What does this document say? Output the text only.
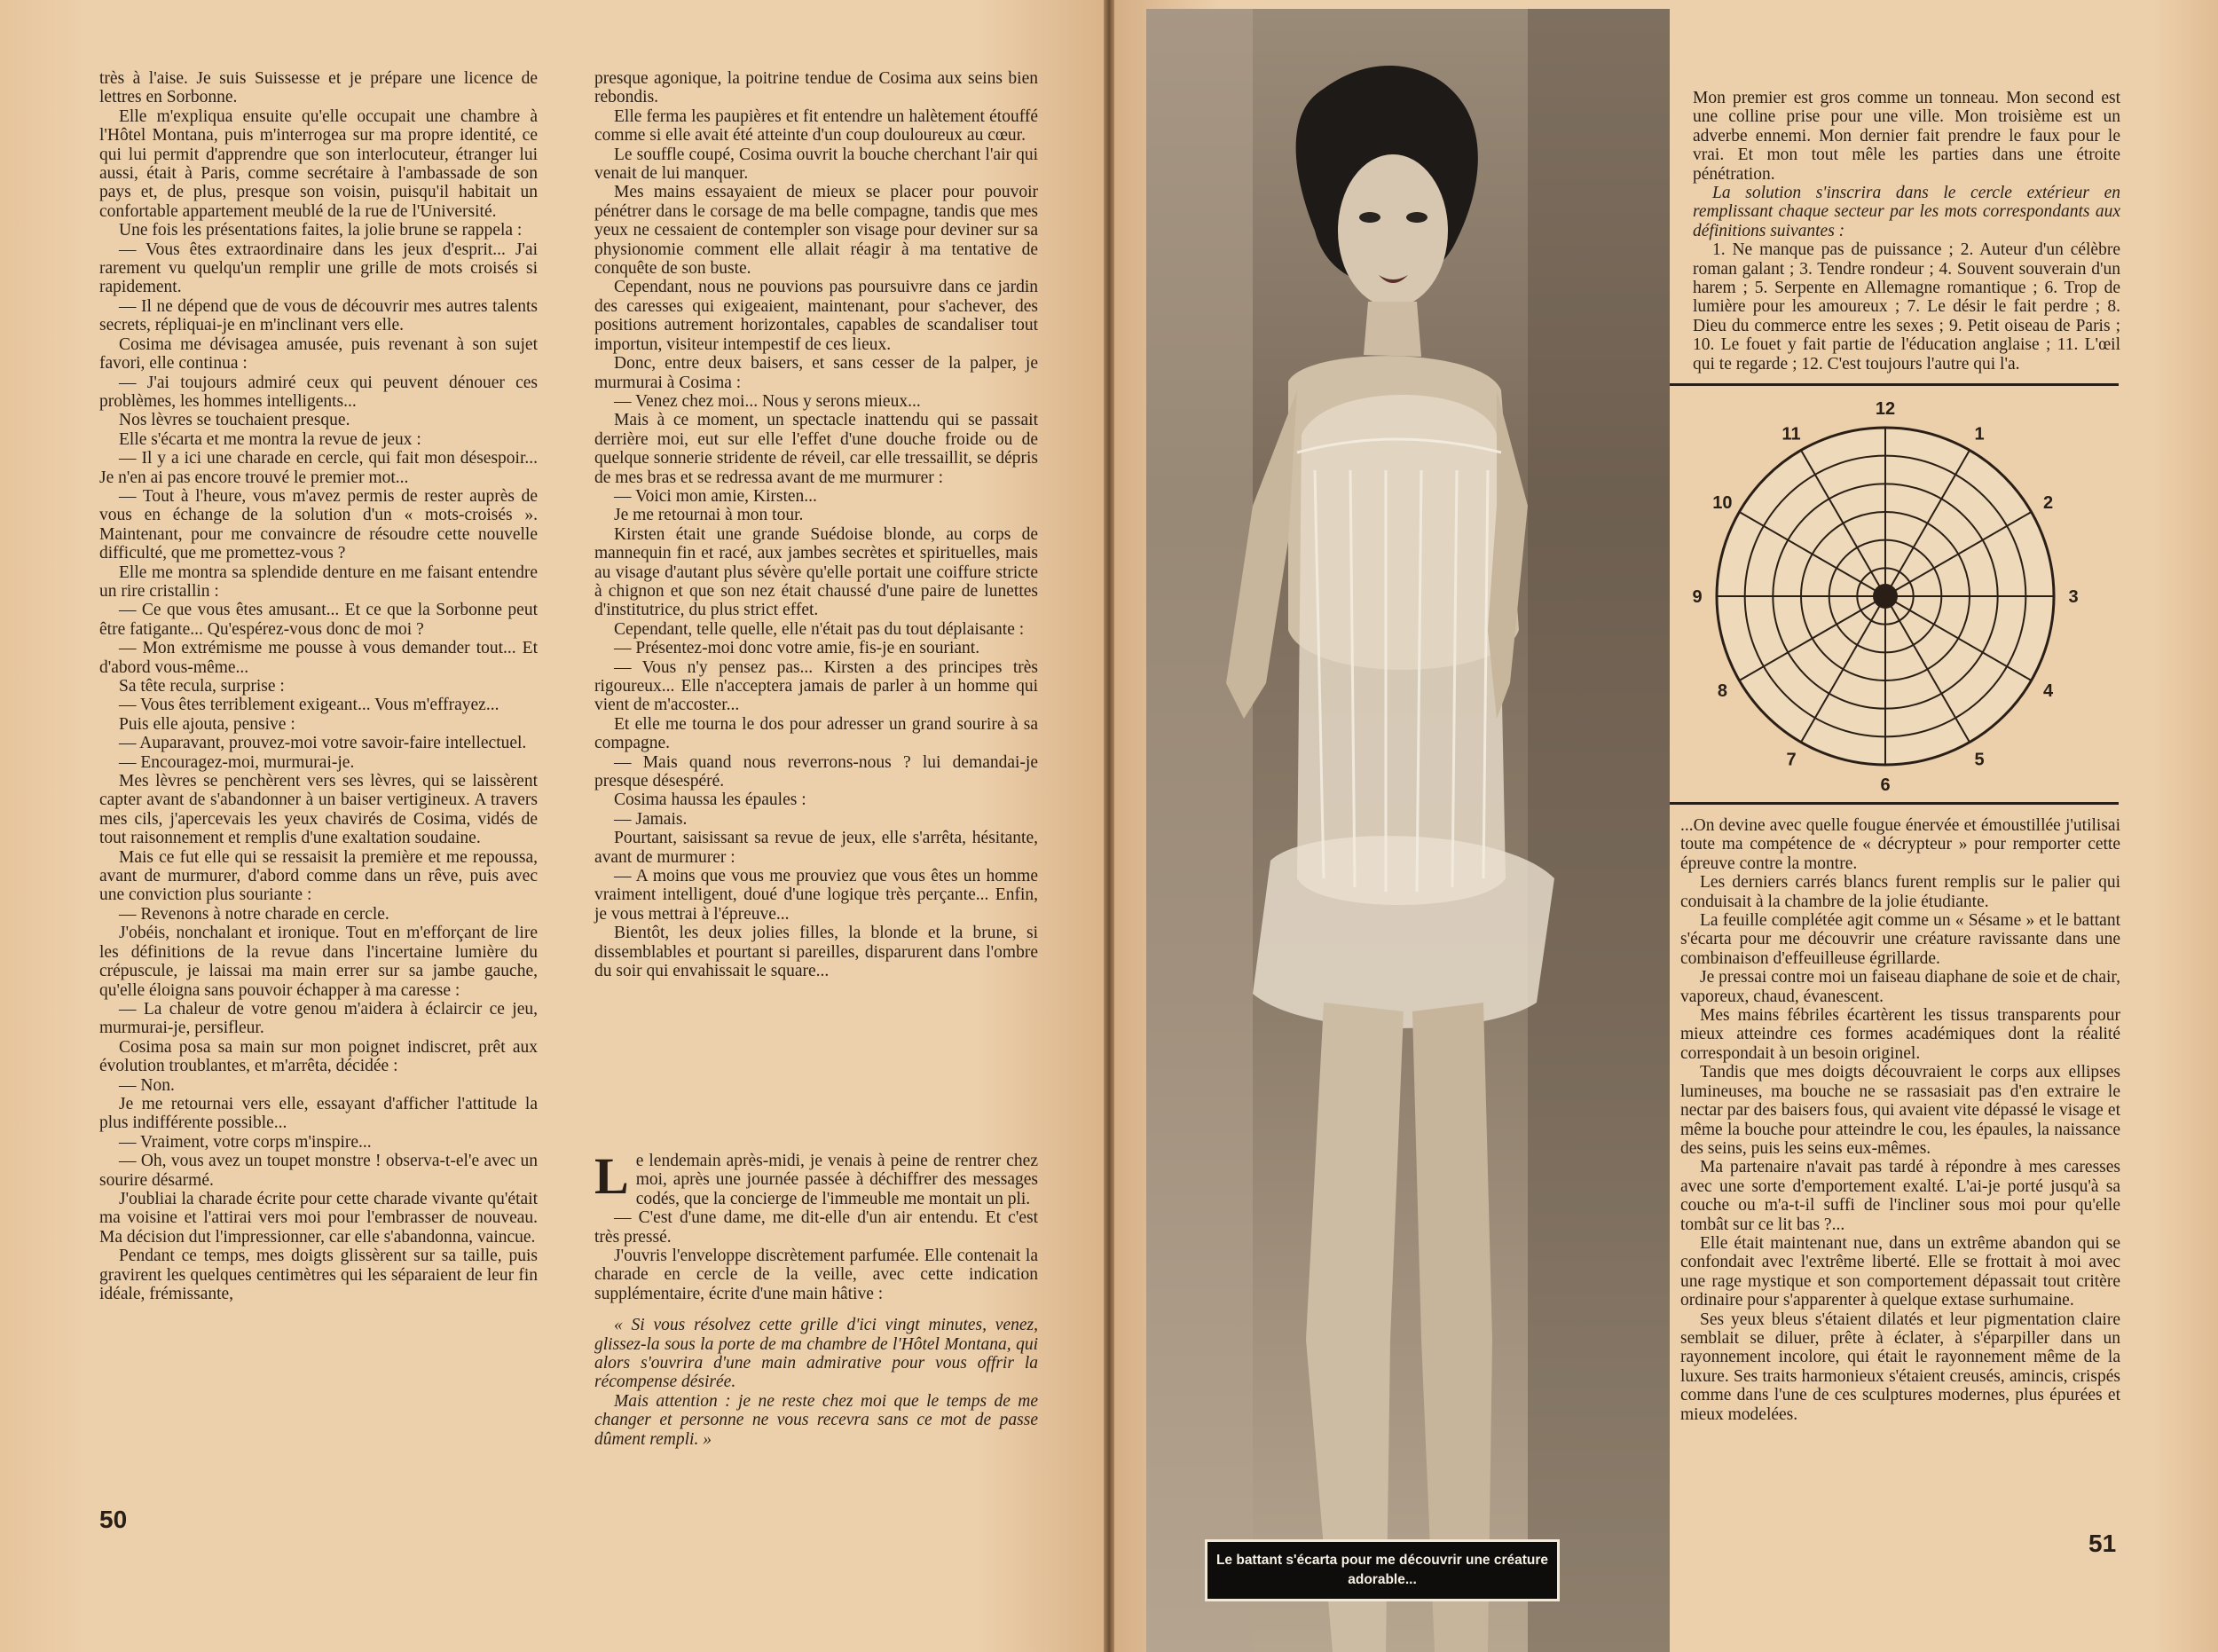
très à l'aise. Je suis Suissesse et je prépare une licence de lettres en Sorbonne.

Elle m'expliqua ensuite qu'elle occupait une chambre à l'Hôtel Montana, puis m'interrogea sur ma propre identité, ce qui lui permit d'apprendre que son interlocuteur, étranger lui aussi, était à Paris, comme secrétaire à l'ambassade de son pays et, de plus, presque son voisin, puisqu'il habitait un confortable appartement meublé de la rue de l'Université.

Une fois les présentations faites, la jolie brune se rappela :

— Vous êtes extraordinaire dans les jeux d'esprit... J'ai rarement vu quelqu'un remplir une grille de mots croisés si rapidement.

— Il ne dépend que de vous de découvrir mes autres talents secrets, répliquai-je en m'inclinant vers elle.

Cosima me dévisagea amusée, puis revenant à son sujet favori, elle continua :

— J'ai toujours admiré ceux qui peuvent dénouer ces problèmes, les hommes intelligents...

Nos lèvres se touchaient presque.

Elle s'écarta et me montra la revue de jeux :

— Il y a ici une charade en cercle, qui fait mon désespoir... Je n'en ai pas encore trouvé le premier mot...

— Tout à l'heure, vous m'avez permis de rester auprès de vous en échange de la solution d'un « mots-croisés ». Maintenant, pour me convaincre de résoudre cette nouvelle difficulté, que me promettez-vous ?

Elle me montra sa splendide denture en me faisant entendre un rire cristallin :

— Ce que vous êtes amusant... Et ce que la Sorbonne peut être fatigante... Qu'espérez-vous donc de moi ?

— Mon extrémisme me pousse à vous demander tout... Et d'abord vous-même...

Sa tête recula, surprise :

— Vous êtes terriblement exigeant... Vous m'effrayez...

Puis elle ajouta, pensive :

— Auparavant, prouvez-moi votre savoir-faire intellectuel.

— Encouragez-moi, murmurai-je.

Mes lèvres se penchèrent vers ses lèvres, qui se laissèrent capter avant de s'abandonner à un baiser vertigineux. A travers mes cils, j'apercevais les yeux chavirés de Cosima, vidés de tout raisonnement et remplis d'une exaltation soudaine.

Mais ce fut elle qui se ressaisit la première et me repoussa, avant de murmurer, d'abord comme dans un rêve, puis avec une conviction plus souriante :

— Revenons à notre charade en cercle.

J'obéis, nonchalant et ironique. Tout en m'efforçant de lire les définitions de la revue dans l'incertaine lumière du crépuscule, je laissai ma main errer sur sa jambe gauche, qu'elle éloigna sans pouvoir échapper à ma caresse :

— La chaleur de votre genou m'aidera à éclaircir ce jeu, murmurai-je, persifleur.

Cosima posa sa main sur mon poignet indiscret, prêt aux évolution troublantes, et m'arrêta, décidée :

— Non.

Je me retournai vers elle, essayant d'afficher l'attitude la plus indifférente possible...

— Vraiment, votre corps m'inspire...

— Oh, vous avez un toupet monstre ! observa-t-el'e avec un sourire désarmé.

J'oubliai la charade écrite pour cette charade vivante qu'était ma voisine et l'attirai vers moi pour l'embrasser de nouveau. Ma décision dut l'impressionner, car elle s'abandonna, vaincue.

Pendant ce temps, mes doigts glissèrent sur sa taille, puis gravirent les quelques centimètres qui les séparaient de leur fin idéale, frémissante,

presque agonique, la poitrine tendue de Cosima aux seins bien rebondis.

Elle ferma les paupières et fit entendre un halètement étouffé comme si elle avait été atteinte d'un coup douloureux au cœur.

Le souffle coupé, Cosima ouvrit la bouche cherchant l'air qui venait de lui manquer.

Mes mains essayaient de mieux se placer pour pouvoir pénétrer dans le corsage de ma belle compagne, tandis que mes yeux ne cessaient de contempler son visage pour deviner sur sa physionomie comment elle allait réagir à ma tentative de conquête de son buste.

Cependant, nous ne pouvions pas poursuivre dans ce jardin des caresses qui exigeaient, maintenant, pour s'achever, des positions autrement horizontales, capables de scandaliser tout importun, visiteur intempestif de ces lieux.

Donc, entre deux baisers, et sans cesser de la palper, je murmurai à Cosima :

— Venez chez moi... Nous y serons mieux...

Mais à ce moment, un spectacle inattendu qui se passait derrière moi, eut sur elle l'effet d'une douche froide ou de quelque sonnerie stridente de réveil, car elle tressaillit, se dépris de mes bras et se redressa avant de me murmurer :

— Voici mon amie, Kirsten...

Je me retournai à mon tour.

Kirsten était une grande Suédoise blonde, au corps de mannequin fin et racé, aux jambes secrètes et spirituelles, mais au visage d'autant plus sévère qu'elle portait une coiffure stricte à chignon et que son nez était chaussé d'une paire de lunettes d'institutrice, du plus strict effet.

Cependant, telle quelle, elle n'était pas du tout déplaisante :

— Présentez-moi donc votre amie, fis-je en souriant.

— Vous n'y pensez pas... Kirsten a des principes très rigoureux... Elle n'acceptera jamais de parler à un homme qui vient de m'accoster...

Et elle me tourna le dos pour adresser un grand sourire à sa compagne.

— Mais quand nous reverrons-nous ? lui demandai-je presque désespéré.

Cosima haussa les épaules :

— Jamais.

Pourtant, saisissant sa revue de jeux, elle s'arrêta, hésitante, avant de murmurer :

— A moins que vous me prouviez que vous êtes un homme vraiment intelligent, doué d'une logique très perçante... Enfin, je vous mettrai à l'épreuve...

Bientôt, les deux jolies filles, la blonde et la brune, si dissemblables et pourtant si pareilles, disparurent dans l'ombre du soir qui envahissait le square...

Le lendemain après-midi, je venais à peine de rentrer chez moi, après une journée passée à déchiffrer des messages codés, que la concierge de l'immeuble me montait un pli.

— C'est d'une dame, me dit-elle d'un air entendu. Et c'est très pressé.

J'ouvris l'enveloppe discrètement parfumée. Elle contenait la charade en cercle de la veille, avec cette indication supplémentaire, écrite d'une main hâtive :

« Si vous résolvez cette grille d'ici vingt minutes, venez, glissez-la sous la porte de ma chambre de l'Hôtel Montana, qui alors s'ouvrira d'une main admirative pour vous offrir la récompense désirée.

Mais attention : je ne reste chez moi que le temps de me changer et personne ne vous recevra sans ce mot de passe dûment rempli. »

50
Le battant s'écarta pour me découvrir une créature adorable...

Mon premier est gros comme un tonneau. Mon second est une colline prise pour une ville. Mon troisième est un adverbe ennemi. Mon dernier fait prendre le faux pour le vrai. Et mon tout mêle les parties dans une étroite pénétration.

La solution s'inscrira dans le cercle extérieur en remplissant chaque secteur par les mots correspondants aux définitions suivantes :

1. Ne manque pas de puissance ; 2. Auteur d'un célèbre roman galant ; 3. Tendre rondeur ; 4. Souvent souverain d'un harem ; 5. Serpente en Allemagne romantique ; 6. Trop de lumière pour les amoureux ; 7. Le désir le fait perdre ; 8. Dieu du commerce entre les sexes ; 9. Petit oiseau de Paris ; 10. Le fouet y fait partie de l'éducation anglaise ; 11. L'œil qui te regarde ; 12. C'est toujours l'autre qui l'a.

12
1
2
3
4
5
6
7
8
9
10
11

...On devine avec quelle fougue énervée et émoustillée j'utilisai toute ma compétence de « décrypteur » pour remporter cette épreuve contre la montre.

Les derniers carrés blancs furent remplis sur le palier qui conduisait à la chambre de la jolie étudiante.

La feuille complétée agit comme un « Sésame » et le battant s'écarta pour me découvrir une créature ravissante dans une combinaison d'effeuilleuse égrillarde.

Je pressai contre moi un faiseau diaphane de soie et de chair, vaporeux, chaud, évanescent.

Mes mains fébriles écartèrent les tissus transparents pour mieux atteindre ces formes académiques dont la réalité correspondait à un besoin originel.

Tandis que mes doigts découvraient le corps aux ellipses lumineuses, ma bouche ne se rassasiait pas d'en extraire le nectar par des baisers fous, qui avaient vite dépassé le visage et même la bouche pour atteindre le cou, les épaules, la naissance des seins, puis les seins eux-mêmes.

Ma partenaire n'avait pas tardé à répondre à mes caresses avec une sorte d'emportement exalté. L'ai-je porté jusqu'à sa couche ou m'a-t-il suffi de l'incliner sous moi pour qu'elle tombât sur ce lit bas ?...

Elle était maintenant nue, dans un extrême abandon qui se confondait avec l'extrême liberté. Elle se frottait à moi avec une rage mystique et son comportement dépassait tout critère ordinaire pour s'apparenter à quelque extase surhumaine.

Ses yeux bleus s'étaient dilatés et leur pigmentation claire semblait se diluer, prête à éclater, à s'éparpiller dans un rayonnement incolore, qui était le rayonnement même de la luxure. Ses traits harmonieux s'étaient creusés, amincis, crispés comme dans l'une de ces sculptures modernes, plus épurées et mieux modelées.

51
